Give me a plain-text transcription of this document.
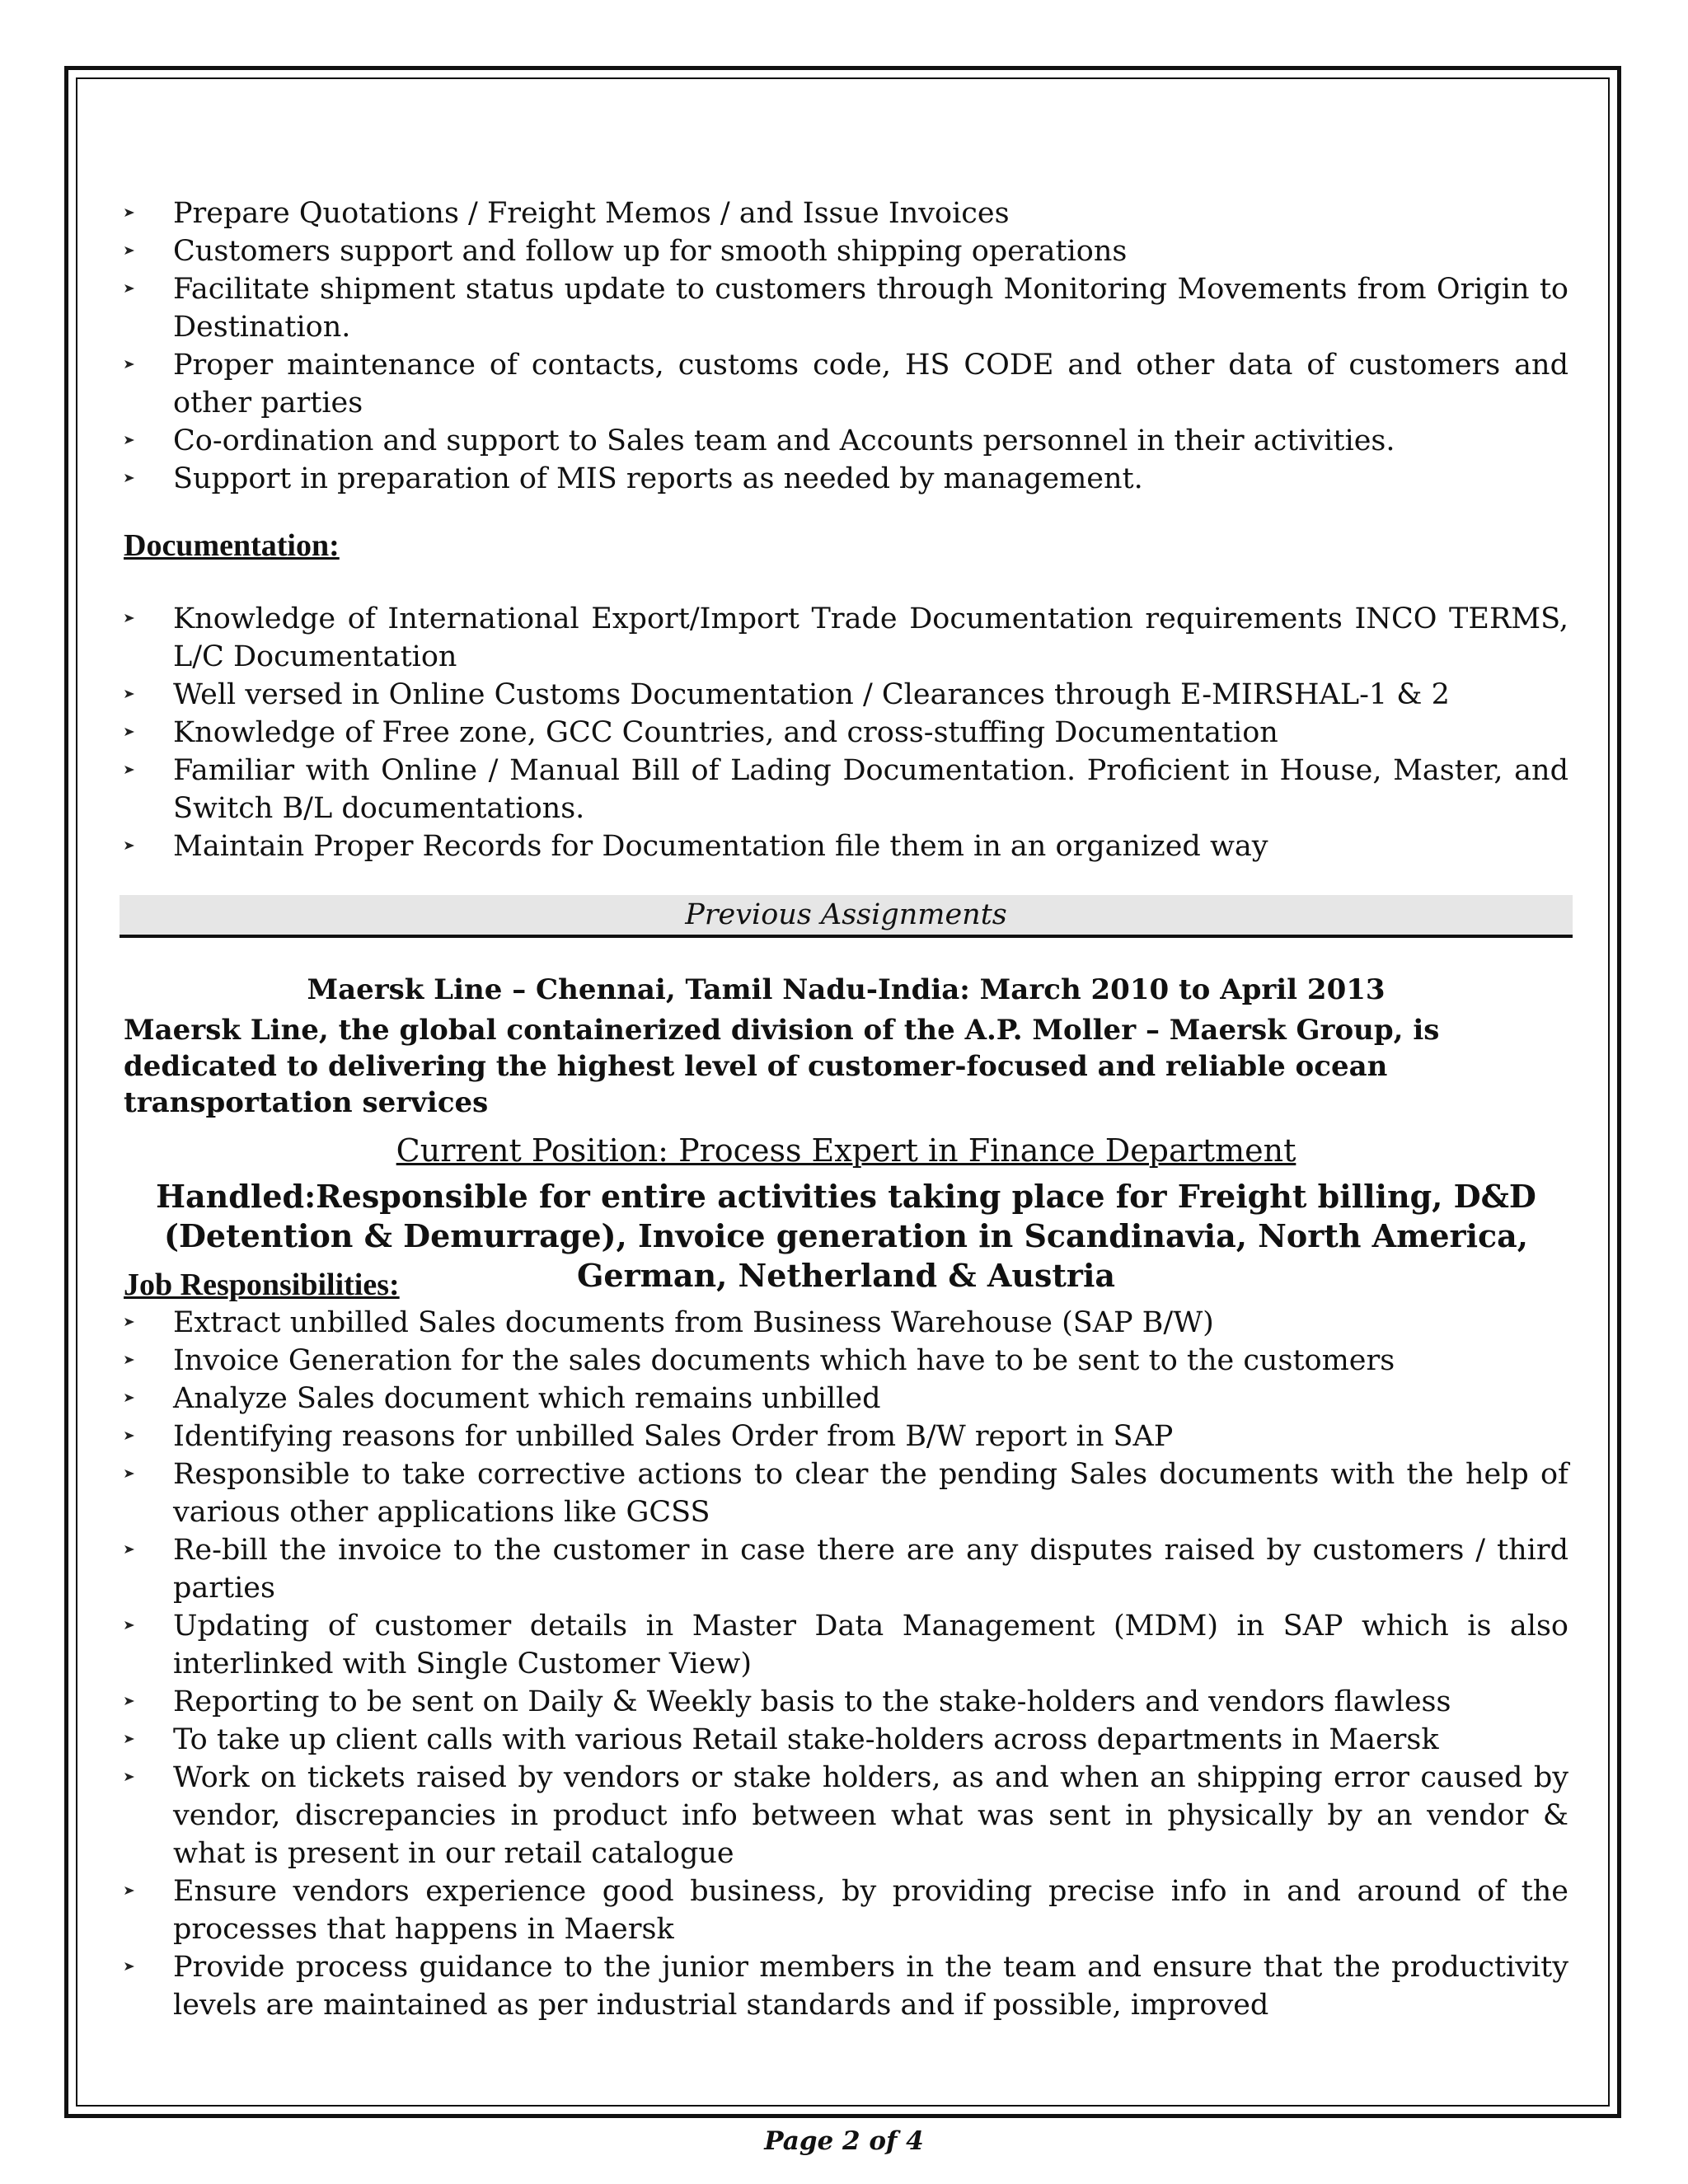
Prepare Quotations / Freight Memos / and Issue Invoices
Customers support and follow up for smooth shipping operations
Facilitate shipment status update to customers through Monitoring Movements from Origin to Destination.
Proper maintenance of contacts, customs code, HS CODE and other data of customers and other parties
Co-ordination and support to Sales team and Accounts personnel in their activities.
Support in preparation of MIS reports as needed by management.
Documentation:
Knowledge of International Export/Import Trade Documentation requirements INCO TERMS, L/C Documentation
Well versed in Online Customs Documentation / Clearances through E-MIRSHAL-1 & 2
Knowledge of Free zone, GCC Countries, and cross-stuffing Documentation
Familiar with Online / Manual Bill of Lading Documentation. Proficient in House, Master, and Switch B/L documentations.
Maintain Proper Records for Documentation file them in an organized way
Previous Assignments
Maersk Line – Chennai, Tamil Nadu-India: March 2010 to April 2013
Maersk Line, the global containerized division of the A.P. Moller – Maersk Group, is dedicated to delivering the highest level of customer-focused and reliable ocean transportation services
Current Position: Process Expert in Finance Department
Handled:Responsible for entire activities taking place for Freight billing, D&D (Detention & Demurrage), Invoice generation in Scandinavia, North America, German, Netherland & Austria
Job Responsibilities:
Extract unbilled Sales documents from Business Warehouse (SAP B/W)
Invoice Generation for the sales documents which have to be sent to the customers
Analyze Sales document which remains unbilled
Identifying reasons for unbilled Sales Order from B/W report in SAP
Responsible to take corrective actions to clear the pending Sales documents with the help of various other applications like GCSS
Re-bill the invoice to the customer in case there are any disputes raised by customers / third parties
Updating of customer details in Master Data Management (MDM) in SAP which is also interlinked with Single Customer View)
Reporting to be sent on Daily & Weekly basis to the stake-holders and vendors flawless
To take up client calls with various Retail stake-holders across departments in Maersk
Work on tickets raised by vendors or stake holders, as and when an shipping error caused by vendor, discrepancies in product info between what was sent in physically by an vendor & what is present in our retail catalogue
Ensure vendors experience good business, by providing precise info in and around of the processes that happens in Maersk
Provide process guidance to the junior members in the team and ensure that the productivity levels are maintained as per industrial standards and if possible, improved
Page 2 of 4
